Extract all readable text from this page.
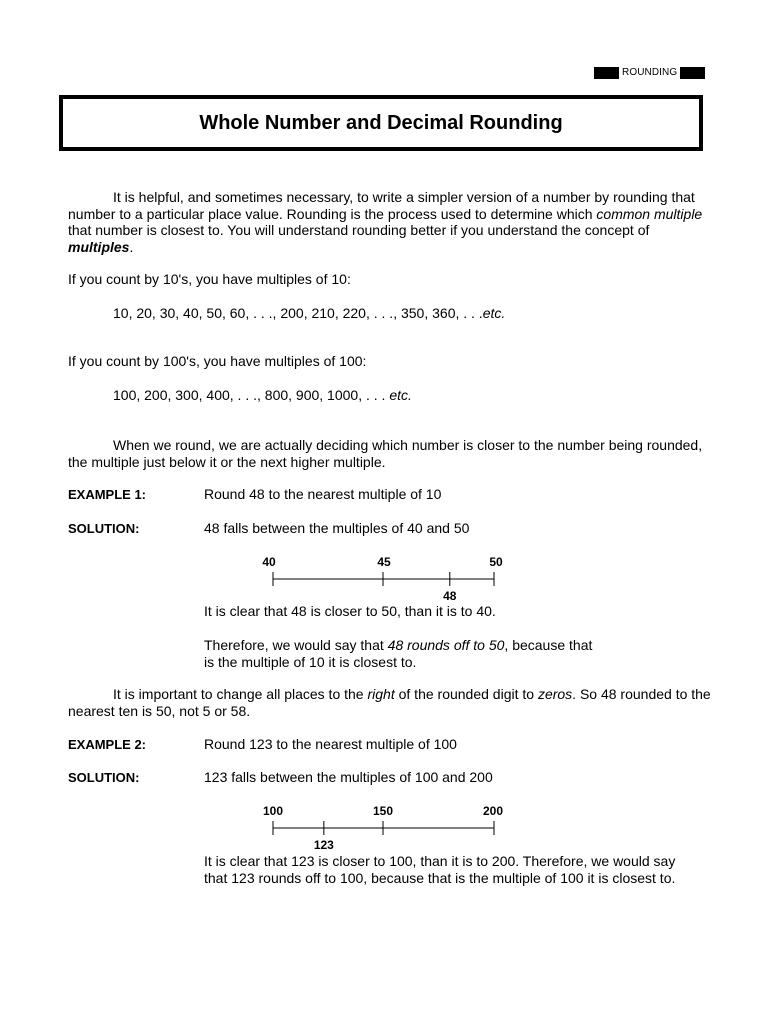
ROUNDING
Whole Number and Decimal Rounding

It is helpful, and sometimes necessary, to write a simpler version of a number by rounding that number to a particular place value. Rounding is the process used to determine which common multiple that number is closest to. You will understand rounding better if you understand the concept of multiples.

If you count by 10's, you have multiples of 10:
10, 20, 30, 40, 50, 60, . . ., 200, 210, 220, . . ., 350, 360, . . .etc.
If you count by 100's, you have multiples of 100:
100, 200, 300, 400, . . ., 800, 900, 1000, . . . etc.

When we round, we are actually deciding which number is closer to the number being rounded, the multiple just below it or the next higher multiple.

EXAMPLE 1:	Round 48 to the nearest multiple of 10
SOLUTION:	48 falls between the multiples of 40 and 50
40	45	50
48
It is clear that 48 is closer to 50, than it is to 40.
Therefore, we would say that 48 rounds off to 50, because that is the multiple of 10 it is closest to.

It is important to change all places to the right of the rounded digit to zeros. So 48 rounded to the nearest ten is 50, not 5 or 58.

EXAMPLE 2:	Round 123 to the nearest multiple of 100
SOLUTION:	123 falls between the multiples of 100 and 200
100	150	200
123
It is clear that 123 is closer to 100, than it is to 200. Therefore, we would say that 123 rounds off to 100, because that is the multiple of 100 it is closest to.
